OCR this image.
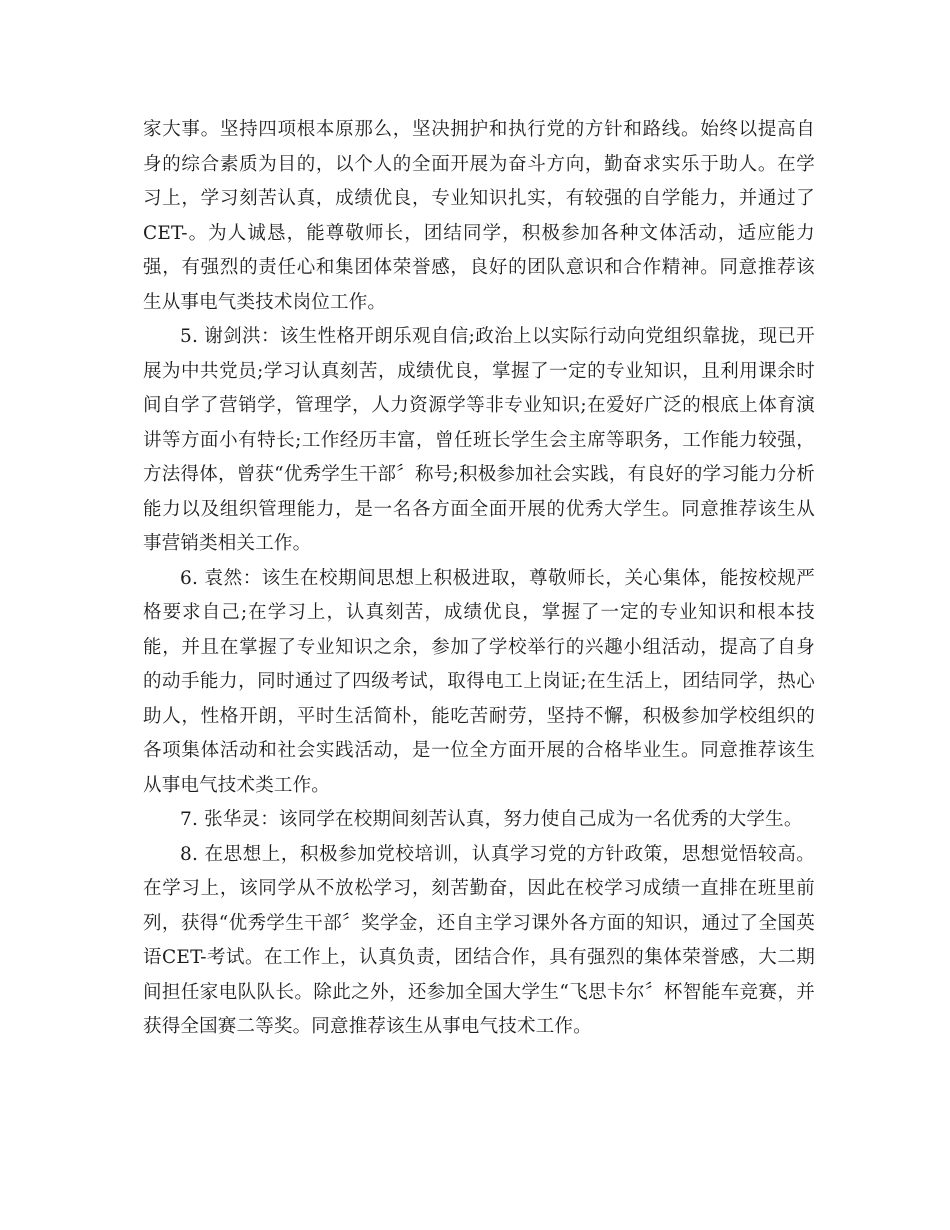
家大事。坚持四项根本原那么，坚决拥护和执行党的方针和路线。始终以提高自身的综合素质为目的，以个人的全面开展为奋斗方向，勤奋求实乐于助人。在学习上，学习刻苦认真，成绩优良，专业知识扎实，有较强的自学能力，并通过了CET-。为人诚恳，能尊敬师长，团结同学，积极参加各种文体活动，适应能力强，有强烈的责任心和集团体荣誉感，良好的团队意识和合作精神。同意推荐该生从事电气类技术岗位工作。

5. 谢剑洪：该生性格开朗乐观自信;政治上以实际行动向党组织靠拢，现已开展为中共党员;学习认真刻苦，成绩优良，掌握了一定的专业知识，且利用课余时间自学了营销学，管理学，人力资源学等非专业知识;在爱好广泛的根底上体育演讲等方面小有特长;工作经历丰富，曾任班长学生会主席等职务，工作能力较强，方法得体，曾获“优秀学生干部〞称号;积极参加社会实践，有良好的学习能力分析能力以及组织管理能力，是一名各方面全面开展的优秀大学生。同意推荐该生从事营销类相关工作。

6. 袁然：该生在校期间思想上积极进取，尊敬师长，关心集体，能按校规严格要求自己;在学习上，认真刻苦，成绩优良，掌握了一定的专业知识和根本技能，并且在掌握了专业知识之余，参加了学校举行的兴趣小组活动，提高了自身的动手能力，同时通过了四级考试，取得电工上岗证;在生活上，团结同学，热心助人，性格开朗，平时生活简朴，能吃苦耐劳，坚持不懈，积极参加学校组织的各项集体活动和社会实践活动，是一位全方面开展的合格毕业生。同意推荐该生从事电气技术类工作。

7. 张华灵：该同学在校期间刻苦认真，努力使自己成为一名优秀的大学生。

8. 在思想上，积极参加党校培训，认真学习党的方针政策，思想觉悟较高。在学习上，该同学从不放松学习，刻苦勤奋，因此在校学习成绩一直排在班里前列，获得“优秀学生干部〞奖学金，还自主学习课外各方面的知识，通过了全国英语CET-考试。在工作上，认真负责，团结合作，具有强烈的集体荣誉感，大二期间担任家电队队长。除此之外，还参加全国大学生“飞思卡尔〞杯智能车竞赛，并获得全国赛二等奖。同意推荐该生从事电气技术工作。
